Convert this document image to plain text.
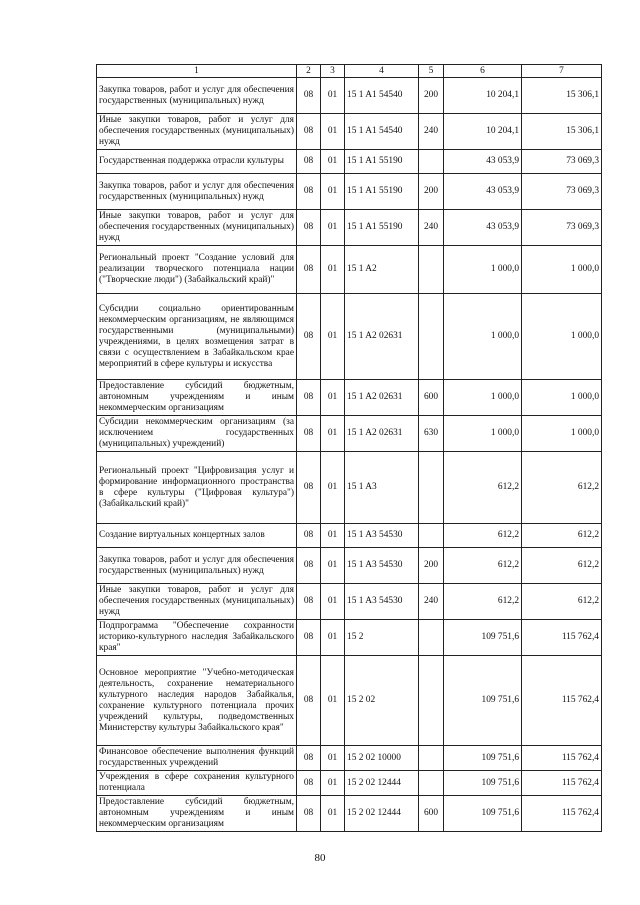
1	2	3	4	5	6	7
Закупка товаров, работ и услуг для обеспечения государственных (муниципальных) нужд	08	01	15 1 A1 54540	200	10 204,1	15 306,1
Иные закупки товаров, работ и услуг для обеспечения государственных (муниципальных) нужд	08	01	15 1 A1 54540	240	10 204,1	15 306,1
Государственная поддержка отрасли культуры	08	01	15 1 A1 55190		43 053,9	73 069,3
Закупка товаров, работ и услуг для обеспечения государственных (муниципальных) нужд	08	01	15 1 A1 55190	200	43 053,9	73 069,3
Иные закупки товаров, работ и услуг для обеспечения государственных (муниципальных) нужд	08	01	15 1 A1 55190	240	43 053,9	73 069,3
Региональный проект "Создание условий для реализации творческого потенциала нации ("Творческие люди") (Забайкальский край)"	08	01	15 1 A2		1 000,0	1 000,0
Субсидии социально ориентированным некоммерческим организациям, не являющимся государственными (муниципальными) учреждениями, в целях возмещения затрат в связи с осуществлением в Забайкальском крае мероприятий в сфере культуры и искусства	08	01	15 1 A2 02631		1 000,0	1 000,0
Предоставление субсидий бюджетным, автономным учреждениям и иным некоммерческим организациям	08	01	15 1 A2 02631	600	1 000,0	1 000,0
Субсидии некоммерческим организациям (за исключением государственных (муниципальных) учреждений)	08	01	15 1 A2 02631	630	1 000,0	1 000,0
Региональный проект "Цифровизация услуг и формирование информационного пространства в сфере культуры ("Цифровая культура") (Забайкальский край)"	08	01	15 1 A3		612,2	612,2
Создание виртуальных концертных залов	08	01	15 1 A3 54530		612,2	612,2
Закупка товаров, работ и услуг для обеспечения государственных (муниципальных) нужд	08	01	15 1 A3 54530	200	612,2	612,2
Иные закупки товаров, работ и услуг для обеспечения государственных (муниципальных) нужд	08	01	15 1 A3 54530	240	612,2	612,2
Подпрограмма "Обеспечение сохранности историко-культурного наследия Забайкальского края"	08	01	15 2		109 751,6	115 762,4
Основное мероприятие "Учебно-методическая деятельность, сохранение нематериального культурного наследия народов Забайкалья, сохранение культурного потенциала прочих учреждений культуры, подведомственных Министерству культуры Забайкальского края"	08	01	15 2 02		109 751,6	115 762,4
Финансовое обеспечение выполнения функций государственных учреждений	08	01	15 2 02 10000		109 751,6	115 762,4
Учреждения в сфере сохранения культурного потенциала	08	01	15 2 02 12444		109 751,6	115 762,4
Предоставление субсидий бюджетным, автономным учреждениям и иным некоммерческим организациям	08	01	15 2 02 12444	600	109 751,6	115 762,4
80
